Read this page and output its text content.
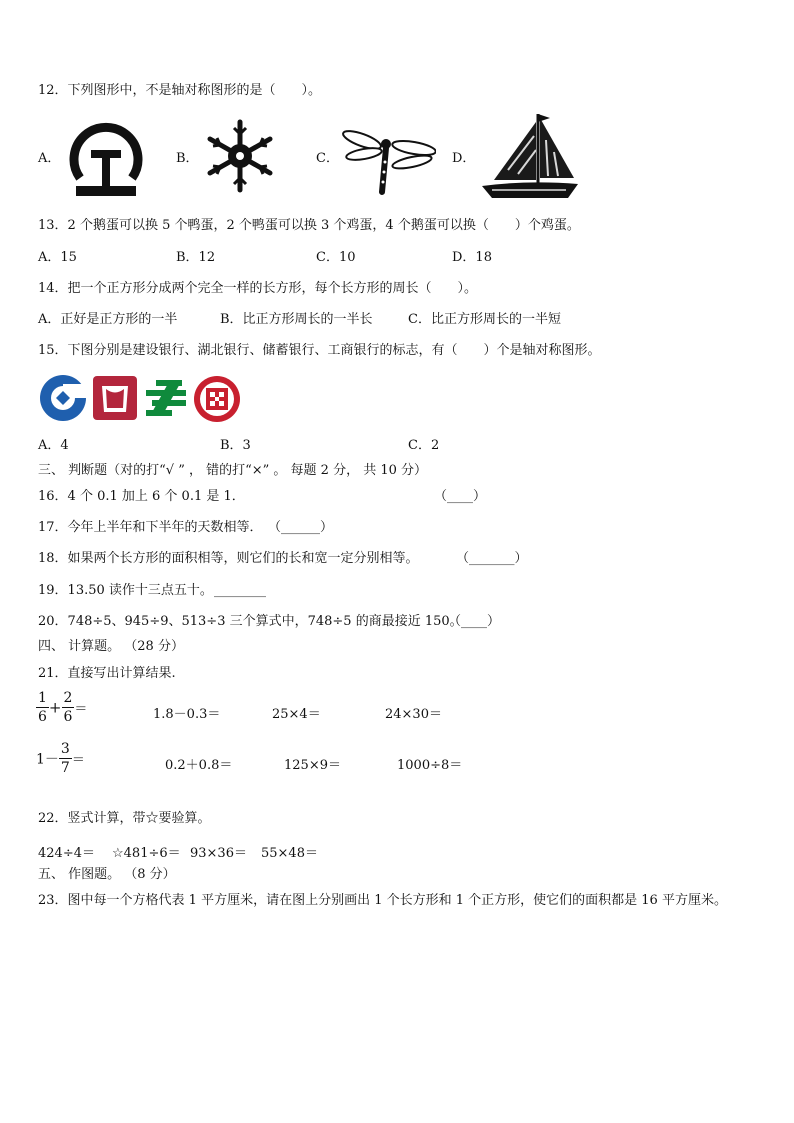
12．下列图形中，不是轴对称图形的是（　　）。
A．	B．	C．	D．
13．2 个鹅蛋可以换 5 个鸭蛋，2 个鸭蛋可以换 3 个鸡蛋，4 个鹅蛋可以换（　　）个鸡蛋。
A．15	B．12	C．10	D．18
14．把一个正方形分成两个完全一样的长方形，每个长方形的周长（　　）。
A．正好是正方形的一半	B．比正方形周长的一半长	C．比正方形周长的一半短
15．下图分别是建设银行、湖北银行、储蓄银行、工商银行的标志，有（　　）个是轴对称图形。
A．4	B．3	C．2
三、 判断题（对的打“√ ” ， 错的打“×” 。 每题 2 分， 共 10 分）
16．4 个 0.1 加上 6 个 0.1 是 1．	（____）
17．今年上半年和下半年的天数相等． （______）
18．如果两个长方形的面积相等，则它们的长和宽一定分别相等。	（_______）
19．13.50 读作十三点五十。 ________
20．748÷5、945÷9、513÷3 三个算式中，748÷5 的商最接近 150。
（____）
四、 计算题。 （28 分）
21．直接写出计算结果.
$\frac{1}{6} + \frac{2}{6}$ ＝	1.8－0.3＝	25×4＝	24×30＝
$1- \frac{3}{7}$ ＝	0.2＋0.8＝	125×9＝	1000÷8＝
22．竖式计算，带☆要验算。
424÷4＝ ☆481÷6＝ 93×36＝ 55×48＝
五、 作图题。 （8 分）
23．图中每一个方格代表 1 平方厘米，请在图上分别画出 1 个长方形和 1 个正方形，使它们的面积都是 16 平方厘米。
